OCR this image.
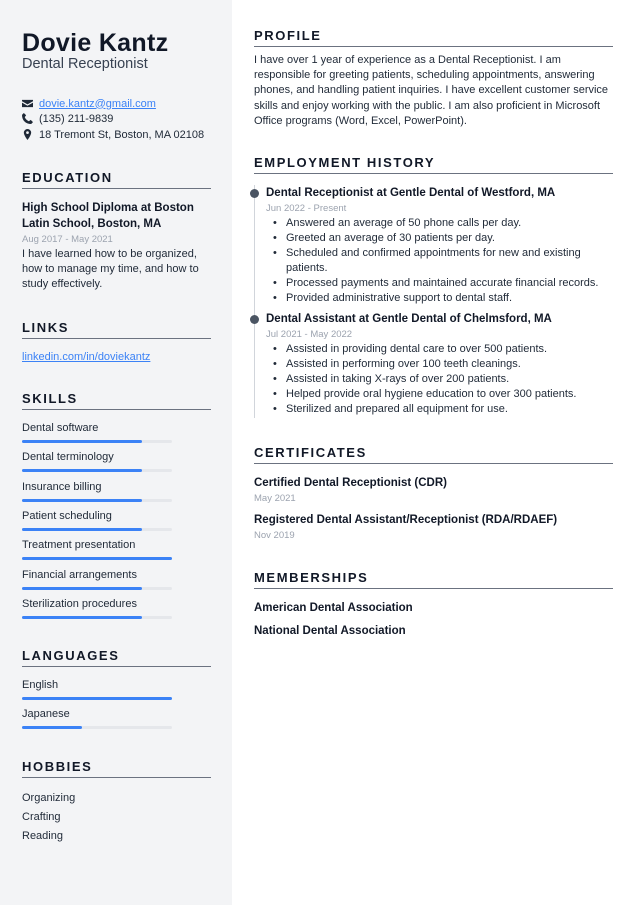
Dovie Kantz
Dental Receptionist
dovie.kantz@gmail.com
(135) 211-9839
18 Tremont St, Boston, MA 02108
EDUCATION
High School Diploma at Boston Latin School, Boston, MA
Aug 2017 - May 2021
I have learned how to be organized, how to manage my time, and how to study effectively.
LINKS
linkedin.com/in/doviekantz
SKILLS
Dental software
Dental terminology
Insurance billing
Patient scheduling
Treatment presentation
Financial arrangements
Sterilization procedures
LANGUAGES
English
Japanese
HOBBIES
Organizing
Crafting
Reading
PROFILE
I have over 1 year of experience as a Dental Receptionist. I am responsible for greeting patients, scheduling appointments, answering phones, and handling patient inquiries. I have excellent customer service skills and enjoy working with the public. I am also proficient in Microsoft Office programs (Word, Excel, PowerPoint).
EMPLOYMENT HISTORY
Dental Receptionist at Gentle Dental of Westford, MA
Jun 2022 - Present
• Answered an average of 50 phone calls per day.
• Greeted an average of 30 patients per day.
• Scheduled and confirmed appointments for new and existing patients.
• Processed payments and maintained accurate financial records.
• Provided administrative support to dental staff.
Dental Assistant at Gentle Dental of Chelmsford, MA
Jul 2021 - May 2022
• Assisted in providing dental care to over 500 patients.
• Assisted in performing over 100 teeth cleanings.
• Assisted in taking X-rays of over 200 patients.
• Helped provide oral hygiene education to over 300 patients.
• Sterilized and prepared all equipment for use.
CERTIFICATES
Certified Dental Receptionist (CDR)
May 2021
Registered Dental Assistant/Receptionist (RDA/RDAEF)
Nov 2019
MEMBERSHIPS
American Dental Association
National Dental Association
